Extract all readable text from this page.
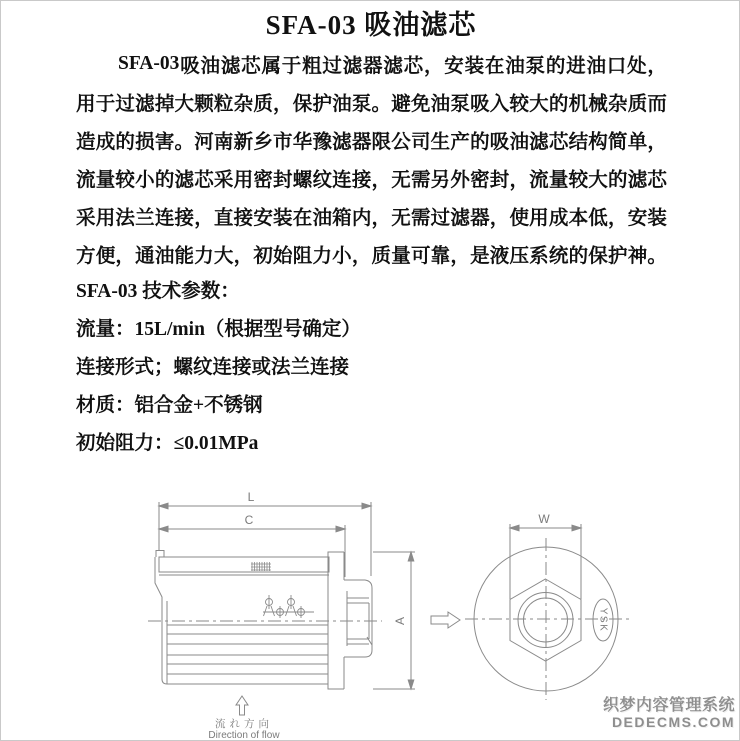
SFA-03 吸油滤芯
SFA-03 吸 油 滤 芯 属 于 粗 过 滤 器 滤 芯 ， 安 装 在 油 泵 的 进 油 口 处 ，
用 于 过 滤 掉 大 颗 粒 杂 质 ， 保 护 油 泵 。 避 免 油 泵 吸 入 较 大 的 机 械 杂 质 而
造 成 的 损 害 。 河 南 新 乡 市 华 豫 滤 器 限 公 司 生 产 的 吸 油 滤 芯 结 构 简 单 ，
流 量 较 小 的 滤 芯 采 用 密 封 螺 纹 连 接 ， 无 需 另 外 密 封 ， 流 量 较 大 的 滤 芯
采 用 法 兰 连 接 ， 直 接 安 装 在 油 箱 内 ， 无 需 过 滤 器 ， 使 用 成 本 低 ， 安 装
方 便 ， 通 油 能 力 大 ， 初 始 阻 力 小 ， 质 量 可 靠 ， 是 液 压 系 统 的 保 护 神 。
SFA-03 技术参数：
流量：15L/min（根据型号确定）
连接形式；螺纹连接或法兰连接
材质：铝合金+不锈钢
初始阻力：≤0.01MPa
L
C	W
A	YSK
流れ方向
Direction of flow
织梦内容管理系统
DEDECMS.COM
